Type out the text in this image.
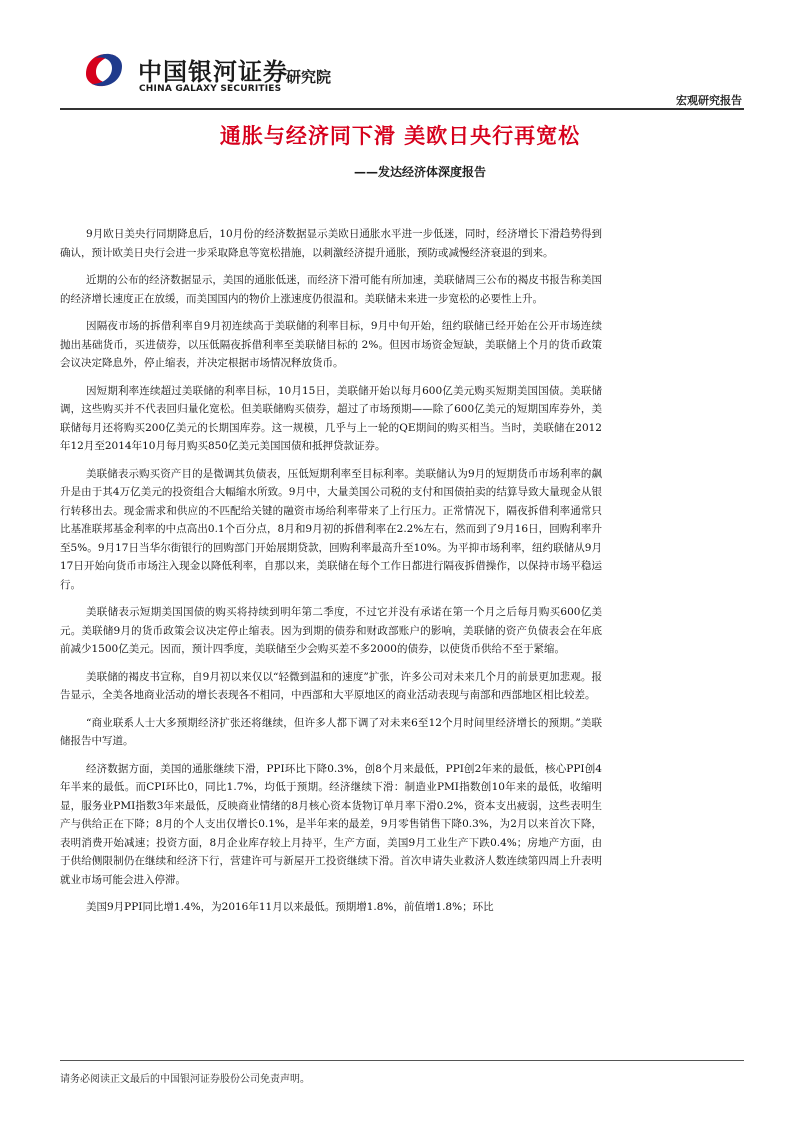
中国银河证券
CHINA GALAXY SECURITIES
研究院
宏观研究报告
通胀与经济同下滑 美欧日央行再宽松
——发达经济体深度报告

9月欧日美央行同期降息后，10月份的经济数据显示美欧日通胀水平进一步低迷，同时，经济增长下滑趋势得到确认，预计欧美日央行会进一步采取降息等宽松措施，以刺激经济提升通胀，预防或减慢经济衰退的到来。

近期的公布的经济数据显示，美国的通胀低迷，而经济下滑可能有所加速，美联储周三公布的褐皮书报告称美国的经济增长速度正在放缓，而美国国内的物价上涨速度仍很温和。美联储未来进一步宽松的必要性上升。

因隔夜市场的拆借利率自9月初连续高于美联储的利率目标，9月中旬开始，纽约联储已经开始在公开市场连续抛出基础货币，买进债券，以压低隔夜拆借利率至美联储目标的 2%。但因市场资金短缺，美联储上个月的货币政策会议决定降息外，停止缩表，并决定根据市场情况释放货币。

因短期利率连续超过美联储的利率目标，10月15日，美联储开始以每月600亿美元购买短期美国国债。美联储调，这些购买并不代表回归量化宽松。但美联储购买债券，超过了市场预期——除了600亿美元的短期国库券外，美联储每月还将购买200亿美元的长期国库券。这一规模，几乎与上一轮的QE期间的购买相当。当时，美联储在2012年12月至2014年10月每月购买850亿美元美国国债和抵押贷款证券。

美联储表示购买资产目的是微调其负债表，压低短期利率至目标利率。美联储认为9月的短期货币市场利率的飙升是由于其4万亿美元的投资组合大幅缩水所致。9月中，大量美国公司税的支付和国债拍卖的结算导致大量现金从银行转移出去。现金需求和供应的不匹配给关键的融资市场给利率带来了上行压力。正常情况下，隔夜拆借利率通常只比基准联邦基金利率的中点高出0.1个百分点，8月和9月初的拆借利率在2.2%左右，然而到了9月16日，回购利率升至5%。9月17日当华尔街银行的回购部门开始展期贷款，回购利率最高升至10%。为平抑市场利率，纽约联储从9月17日开始向货币市场注入现金以降低利率，自那以来，美联储在每个工作日都进行隔夜拆借操作，以保持市场平稳运行。

美联储表示短期美国国债的购买将持续到明年第二季度，不过它并没有承诺在第一个月之后每月购买600亿美元。美联储9月的货币政策会议决定停止缩表。因为到期的债券和财政部账户的影响，美联储的资产负债表会在年底前减少1500亿美元。因而，预计四季度，美联储至少会购买差不多2000的债券，以使货币供给不至于紧缩。

美联储的褐皮书宣称，自9月初以来仅以“轻微到温和的速度”扩张，许多公司对未来几个月的前景更加悲观。报告显示，全美各地商业活动的增长表现各不相同，中西部和大平原地区的商业活动表现与南部和西部地区相比较差。

“商业联系人士大多预期经济扩张还将继续，但许多人都下调了对未来6至12个月时间里经济增长的预期。”美联储报告中写道。

经济数据方面，美国的通胀继续下滑，PPI环比下降0.3%，创8个月来最低，PPI创2年来的最低，核心PPI创4年半来的最低。而CPI环比0，同比1.7%，均低于预期。经济继续下滑：制造业PMI指数创10年来的最低，收缩明显，服务业PMI指数3年来最低，反映商业情绪的8月核心资本货物订单月率下滑0.2%，资本支出疲弱，这些表明生产与供给正在下降；8月的个人支出仅增长0.1%，是半年来的最差，9月零售销售下降0.3%，为2月以来首次下降，表明消费开始减速；投资方面，8月企业库存较上月持平，生产方面，美国9月工业生产下跌0.4%；房地产方面，由于供给侧限制仍在继续和经济下行，营建许可与新屋开工投资继续下滑。首次申请失业救济人数连续第四周上升表明就业市场可能会进入停滞。

美国9月PPI同比增1.4%，为2016年11月以来最低。预期增1.8%，前值增1.8%；环比

请务必阅读正文最后的中国银河证券股份公司免责声明。
